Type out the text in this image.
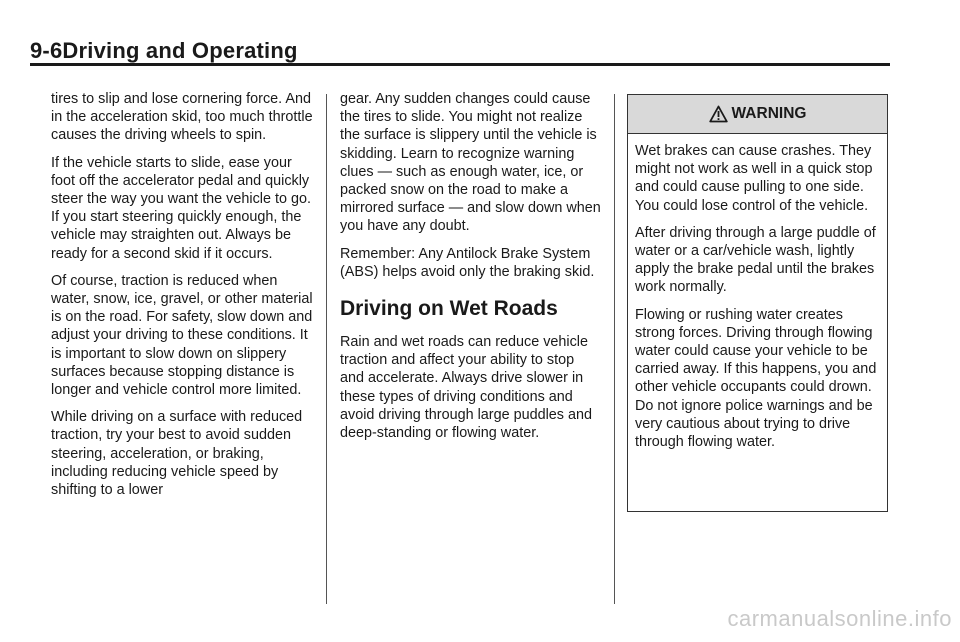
9-6Driving and Operating

tires to slip and lose cornering force. And in the acceleration skid, too much throttle causes the driving wheels to spin.

If the vehicle starts to slide, ease your foot off the accelerator pedal and quickly steer the way you want the vehicle to go. If you start steering quickly enough, the vehicle may straighten out. Always be ready for a second skid if it occurs.

Of course, traction is reduced when water, snow, ice, gravel, or other material is on the road. For safety, slow down and adjust your driving to these conditions. It is important to slow down on slippery surfaces because stopping distance is longer and vehicle control more limited.

While driving on a surface with reduced traction, try your best to avoid sudden steering, acceleration, or braking, including reducing vehicle speed by shifting to a lower

gear. Any sudden changes could cause the tires to slide. You might not realize the surface is slippery until the vehicle is skidding. Learn to recognize warning clues — such as enough water, ice, or packed snow on the road to make a mirrored surface — and slow down when you have any doubt.

Remember: Any Antilock Brake System (ABS) helps avoid only the braking skid.

Driving on Wet Roads

Rain and wet roads can reduce vehicle traction and affect your ability to stop and accelerate. Always drive slower in these types of driving conditions and avoid driving through large puddles and deep-standing or flowing water.

WARNING

Wet brakes can cause crashes. They might not work as well in a quick stop and could cause pulling to one side. You could lose control of the vehicle.

After driving through a large puddle of water or a car/vehicle wash, lightly apply the brake pedal until the brakes work normally.

Flowing or rushing water creates strong forces. Driving through flowing water could cause your vehicle to be carried away. If this happens, you and other vehicle occupants could drown. Do not ignore police warnings and be very cautious about trying to drive through flowing water.

carmanualsonline.info
